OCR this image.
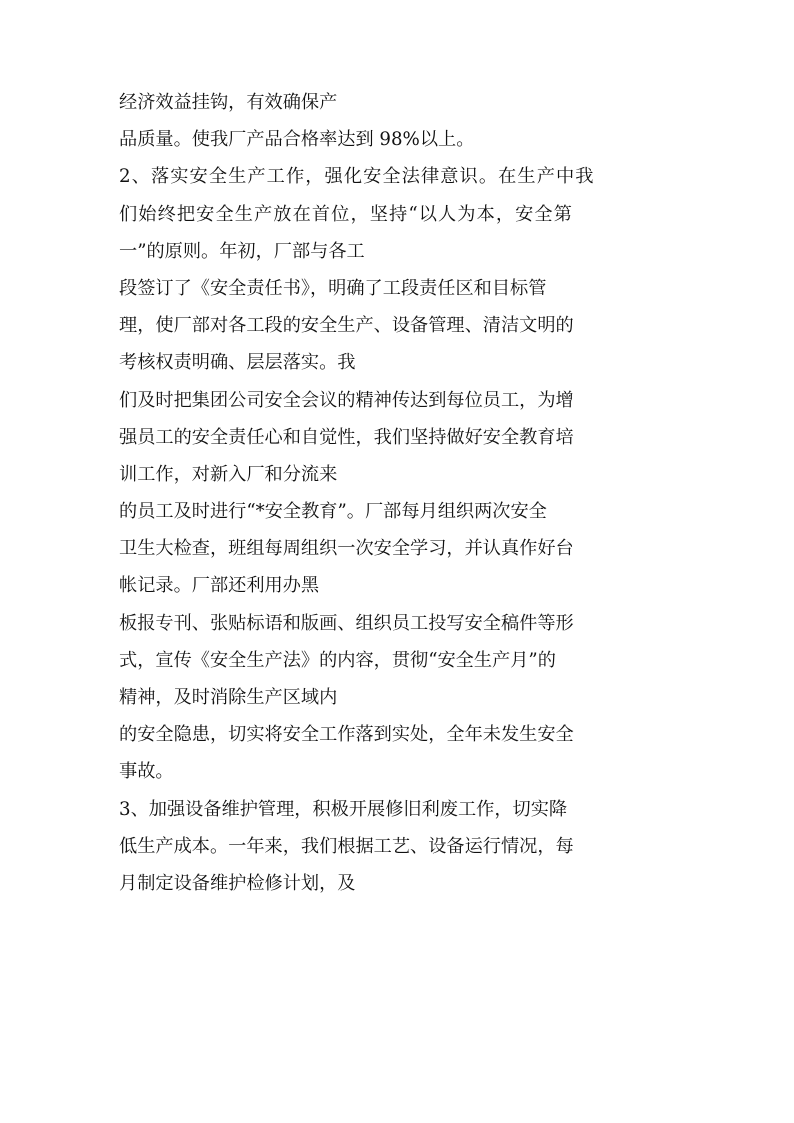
经济效益挂钩，有效确保产
品质量。使我厂产品合格率达到 98%以上。
2、落实安全生产工作，强化安全法律意识。在生产中我
们始终把安全生产放在首位，坚持“以人为本，安全第
一”的原则。年初，厂部与各工
段签订了《安全责任书》，明确了工段责任区和目标管
理，使厂部对各工段的安全生产、设备管理、清洁文明的
考核权责明确、层层落实。我
们及时把集团公司安全会议的精神传达到每位员工，为增
强员工的安全责任心和自觉性，我们坚持做好安全教育培
训工作，对新入厂和分流来
的员工及时进行“*安全教育”。厂部每月组织两次安全
卫生大检查，班组每周组织一次安全学习，并认真作好台
帐记录。厂部还利用办黑
板报专刊、张贴标语和版画、组织员工投写安全稿件等形
式，宣传《安全生产法》的内容，贯彻“安全生产月”的
精神，及时消除生产区域内
的安全隐患，切实将安全工作落到实处，全年未发生安全
事故。
3、加强设备维护管理，积极开展修旧利废工作，切实降
低生产成本。一年来，我们根据工艺、设备运行情况，每
月制定设备维护检修计划，及
